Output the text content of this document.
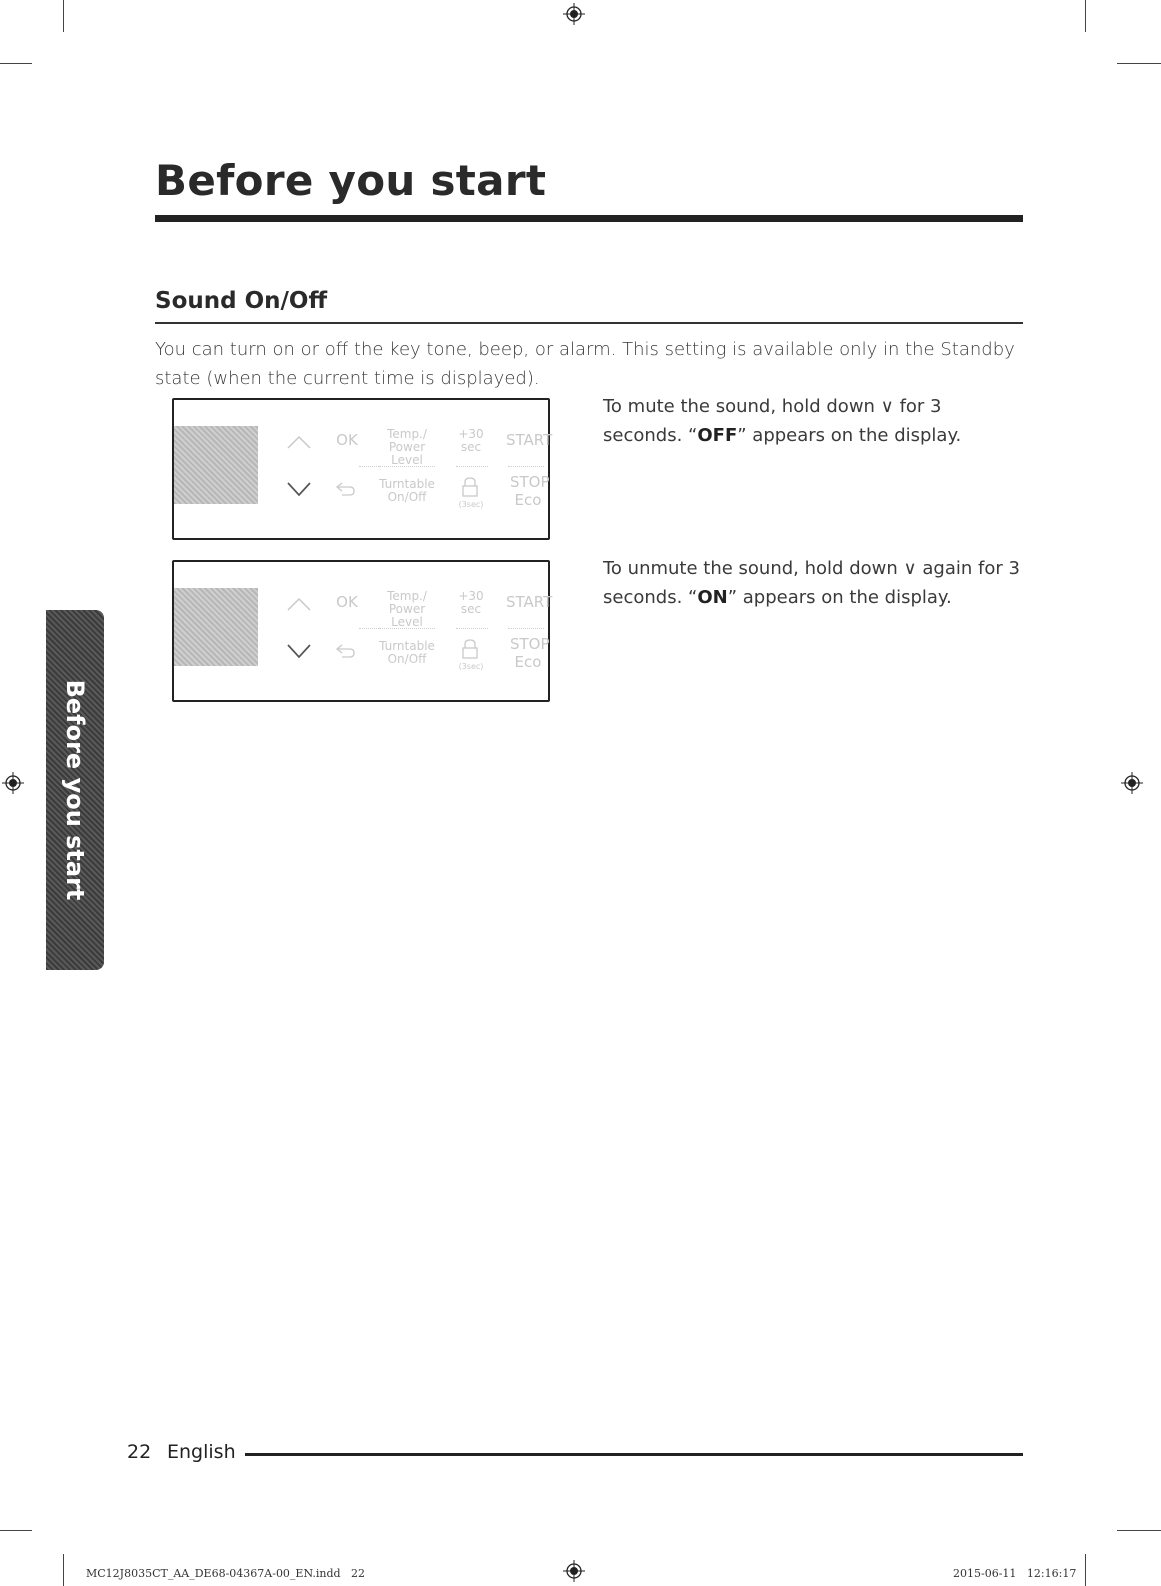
Before you start
Sound On/Off

You can turn on or off the key tone, beep, or alarm. This setting is available only in the Standby state (when the current time is displayed).

OK	Temp./
Power Level
+30
sec	START
Turntable
On/Off
(3sec)
STOP
Eco
To mute the sound, hold down ∨ for 3 seconds. “OFF” appears on the display.
OK	Temp./
Power Level
+30
sec	START
Turntable
On/Off
(3sec)
STOP
Eco
To unmute the sound, hold down ∨ again for 3 seconds. “ON” appears on the display.
Before you start
22 English
MC12J8035CT_AA_DE68-04367A-00_EN.indd   22	2015-06-11   12:16:17
